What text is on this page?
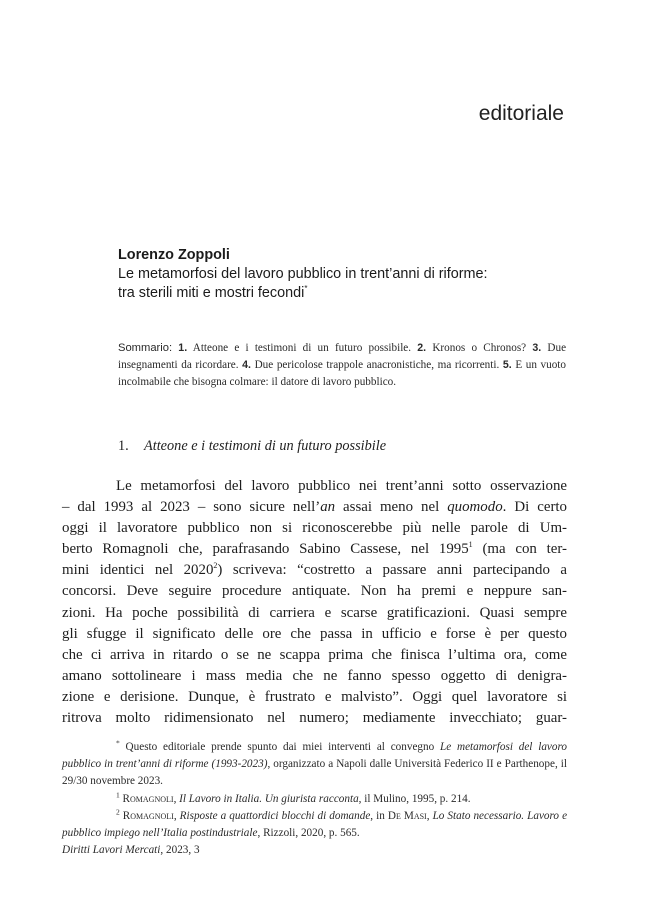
editoriale
Lorenzo Zoppoli
Le metamorfosi del lavoro pubblico in trent’anni di riforme:
tra sterili miti e mostri fecondi*
Sommario: 1. Atteone e i testimoni di un futuro possibile. 2. Kronos o Chronos? 3. Due insegnamenti da ricordare. 4. Due pericolose trappole anacronistiche, ma ricorrenti. 5. E un vuoto incolmabile che bisogna colmare: il datore di lavoro pubblico.
1. Atteone e i testimoni di un futuro possibile
Le metamorfosi del lavoro pubblico nei trent’anni sotto osservazione
– dal 1993 al 2023 – sono sicure nell’an assai meno nel quomodo. Di certo
oggi il lavoratore pubblico non si riconoscerebbe più nelle parole di Um-
berto Romagnoli che, parafrasando Sabino Cassese, nel 1995$^1$ (ma con ter-
mini identici nel 2020$^2$) scriveva: “costretto a passare anni partecipando a
concorsi. Deve seguire procedure antiquate. Non ha premi e neppure san-
zioni. Ha poche possibilità di carriera e scarse gratificazioni. Quasi sempre
gli sfugge il significato delle ore che passa in ufficio e forse è per questo
che ci arriva in ritardo o se ne scappa prima che finisca l’ultima ora, come
amano sottolineare i mass media che ne fanno spesso oggetto di denigra-
zione e derisione. Dunque, è frustrato e malvisto”. Oggi quel lavoratore si
ritrova molto ridimensionato nel numero; mediamente invecchiato; guar-
* Questo editoriale prende spunto dai miei interventi al convegno Le metamorfosi del lavoro pubblico in trent’anni di riforme (1993-2023), organizzato a Napoli dalle Università Federico II e Parthenope, il 29/30 novembre 2023.
$^1$ Romagnoli, Il Lavoro in Italia. Un giurista racconta, il Mulino, 1995, p. 214.
$^2$ Romagnoli, Risposte a quattordici blocchi di domande, in De Masi, Lo Stato necessario. Lavoro e pubblico impiego nell’Italia postindustriale, Rizzoli, 2020, p. 565.
Diritti Lavori Mercati, 2023, 3
